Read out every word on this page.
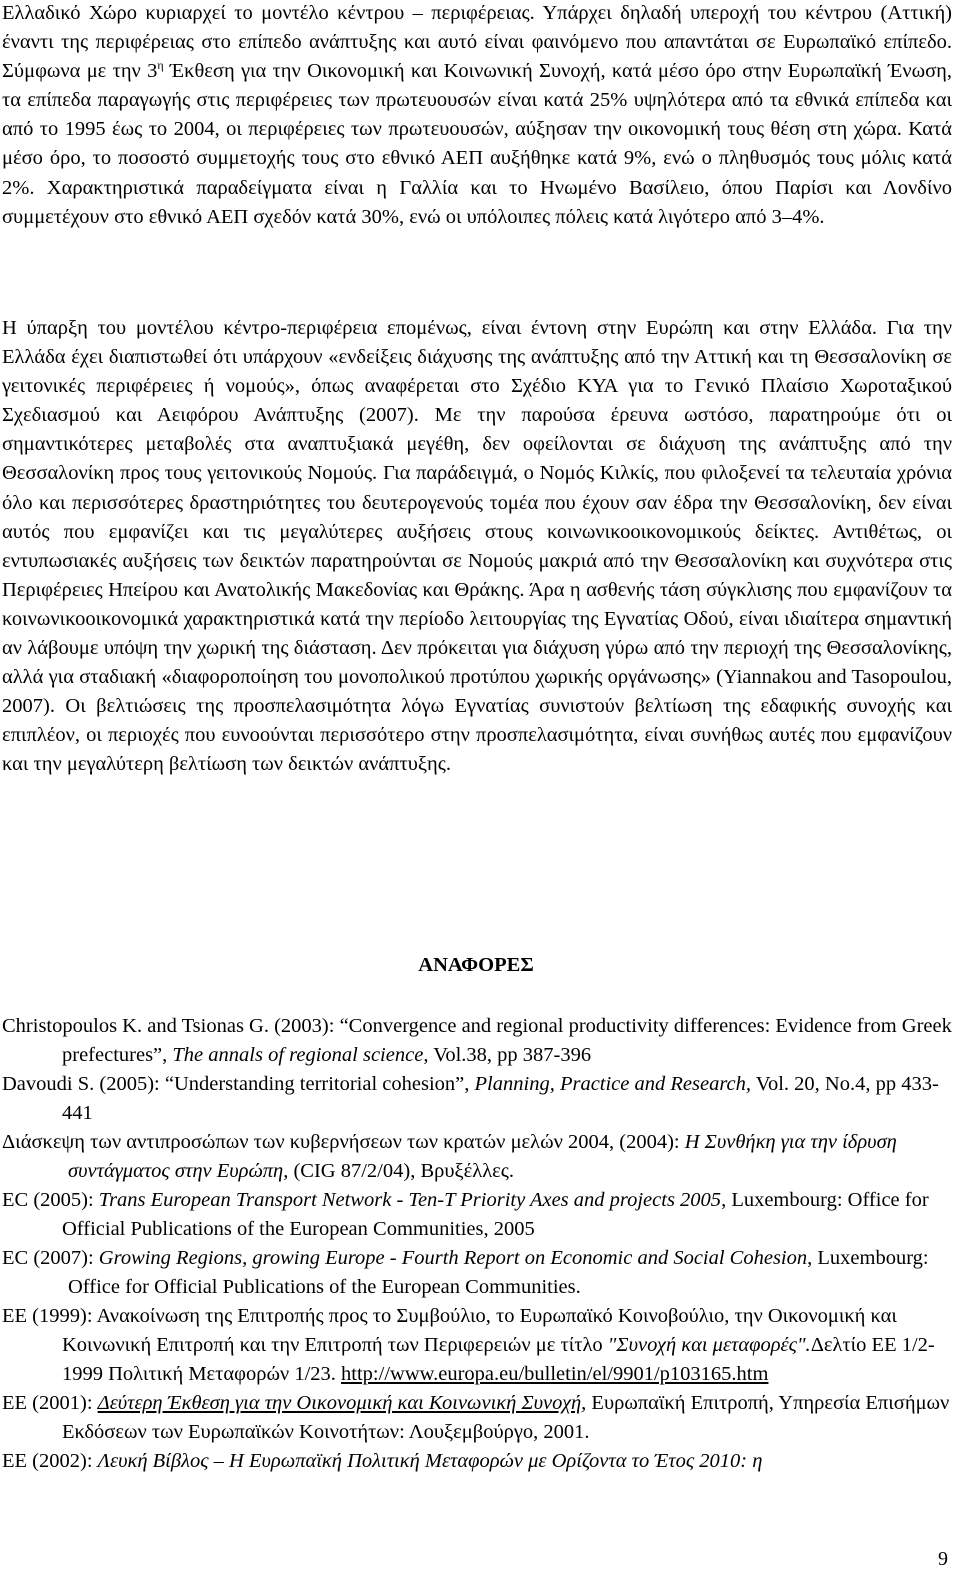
Ελλαδικό Χώρο κυριαρχεί το μοντέλο κέντρου – περιφέρειας. Υπάρχει δηλαδή υπεροχή του κέντρου (Αττική) έναντι της περιφέρειας στο επίπεδο ανάπτυξης και αυτό είναι φαινόμενο που απαντάται σε Ευρωπαϊκό επίπεδο. Σύμφωνα με την $3^\eta$ Έκθεση για την Οικονομική και Κοινωνική Συνοχή, κατά μέσο όρο στην Ευρωπαϊκή Ένωση, τα επίπεδα παραγωγής στις περιφέρειες των πρωτευουσών είναι κατά 25% υψηλότερα από τα εθνικά επίπεδα και από το 1995 έως το 2004, οι περιφέρειες των πρωτευουσών, αύξησαν την οικονομική τους θέση στη χώρα. Κατά μέσο όρο, το ποσοστό συμμετοχής τους στο εθνικό ΑΕΠ αυξήθηκε κατά 9%, ενώ ο πληθυσμός τους μόλις κατά 2%. Χαρακτηριστικά παραδείγματα είναι η Γαλλία και το Ηνωμένο Βασίλειο, όπου Παρίσι και Λονδίνο συμμετέχουν στο εθνικό ΑΕΠ σχεδόν κατά 30%, ενώ οι υπόλοιπες πόλεις κατά λιγότερο από 3–4%.

Η ύπαρξη του μοντέλου κέντρο-περιφέρεια επομένως, είναι έντονη στην Ευρώπη και στην Ελλάδα. Για την Ελλάδα έχει διαπιστωθεί ότι υπάρχουν «ενδείξεις διάχυσης της ανάπτυξης από την Αττική και τη Θεσσαλονίκη σε γειτονικές περιφέρειες ή νομούς», όπως αναφέρεται στο Σχέδιο ΚΥΑ για το Γενικό Πλαίσιο Χωροταξικού Σχεδιασμού και Αειφόρου Ανάπτυξης (2007). Με την παρούσα έρευνα ωστόσο, παρατηρούμε ότι οι σημαντικότερες μεταβολές στα αναπτυξιακά μεγέθη, δεν οφείλονται σε διάχυση της ανάπτυξης από την Θεσσαλονίκη προς τους γειτονικούς Νομούς. Για παράδειγμά, ο Νομός Κιλκίς, που φιλοξενεί τα τελευταία χρόνια όλο και περισσότερες δραστηριότητες του δευτερογενούς τομέα που έχουν σαν έδρα την Θεσσαλονίκη, δεν είναι αυτός που εμφανίζει και τις μεγαλύτερες αυξήσεις στους κοινωνικοοικονομικούς δείκτες. Αντιθέτως, οι εντυπωσιακές αυξήσεις των δεικτών παρατηρούνται σε Νομούς μακριά από την Θεσσαλονίκη και συχνότερα στις Περιφέρειες Ηπείρου και Ανατολικής Μακεδονίας και Θράκης. Άρα η ασθενής τάση σύγκλισης που εμφανίζουν τα κοινωνικοοικονομικά χαρακτηριστικά κατά την περίοδο λειτουργίας της Εγνατίας Οδού, είναι ιδιαίτερα σημαντική αν λάβουμε υπόψη την χωρική της διάσταση. Δεν πρόκειται για διάχυση γύρω από την περιοχή της Θεσσαλονίκης, αλλά για σταδιακή «διαφοροποίηση του μονοπολικού προτύπου χωρικής οργάνωσης» (Yiannakou and Tasopoulou, 2007). Οι βελτιώσεις της προσπελασιμότητα λόγω Εγνατίας συνιστούν βελτίωση της εδαφικής συνοχής και επιπλέον, οι περιοχές που ευνοούνται περισσότερο στην προσπελασιμότητα, είναι συνήθως αυτές που εμφανίζουν και την μεγαλύτερη βελτίωση των δεικτών ανάπτυξης.

ΑΝΑΦΟΡΕΣ

Christopoulos K. and Tsionas G. (2003): “Convergence and regional productivity differences: Evidence from Greek prefectures”, The annals of regional science, Vol.38, pp 387-396

Davoudi S. (2005): “Understanding territorial cohesion”, Planning, Practice and Research, Vol. 20, No.4, pp 433-441

Διάσκεψη των αντιπροσώπων των κυβερνήσεων των κρατών μελών 2004, (2004): Η Συνθήκη για την ίδρυση συντάγματος στην Ευρώπη, (CIG 87/2/04), Βρυξέλλες.

EC (2005): Trans European Transport Network - Ten-T Priority Axes and projects 2005, Luxembourg: Office for Official Publications of the European Communities, 2005

EC (2007): Growing Regions, growing Europe - Fourth Report on Economic and Social Cohesion, Luxembourg: Office for Official Publications of the European Communities.

ΕΕ (1999): Ανακοίνωση της Επιτροπής προς το Συμβούλιο, το Ευρωπαϊκό Κοινοβούλιο, την Οικονομική και Κοινωνική Επιτροπή και την Επιτροπή των Περιφερειών με τίτλο "Συνοχή και μεταφορές".Δελτίο ΕΕ 1/2-1999 Πολιτική Μεταφορών 1/23. http://www.europa.eu/bulletin/el/9901/p103165.htm

ΕΕ (2001): Δεύτερη Έκθεση για την Οικονομική και Κοινωνική Συνοχή, Ευρωπαϊκή Επιτροπή, Υπηρεσία Επισήμων Εκδόσεων των Ευρωπαϊκών Κοινοτήτων: Λουξεμβούργο, 2001.

ΕΕ (2002): Λευκή Βίβλος – Η Ευρωπαϊκή Πολιτική Μεταφορών με Ορίζοντα το Έτος 2010: η

9
